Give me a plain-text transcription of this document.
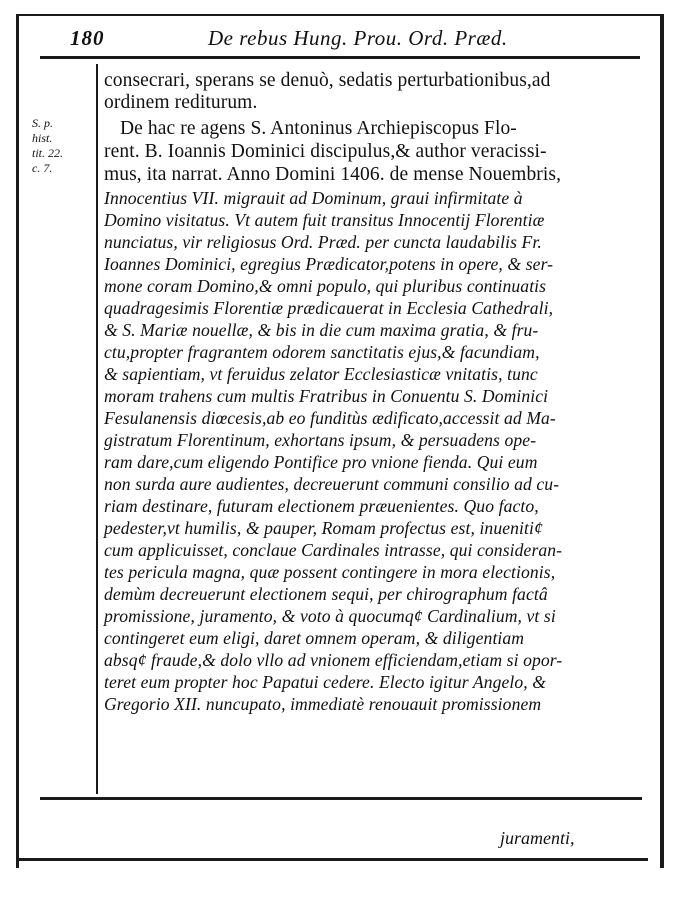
180	De rebus Hung. Prou. Ord. Præd.
S. p.
hist.
tit. 22.
c. 7.
consecrari, sperans se denuò, sedatis perturbationibus,ad
ordinem rediturum.
De hac re agens S. Antoninus Archiepiscopus Flo-
rent. B. Ioannis Dominici discipulus,& author veracissi-
mus, ita narrat. Anno Domini 1406. de mense Nouembris,
Innocentius VII. migrauit ad Dominum, graui infirmitate à
Domino visitatus. Vt autem fuit transitus Innocentij Florentiæ
nunciatus, vir religiosus Ord. Præd. per cuncta laudabilis Fr.
Ioannes Dominici, egregius Prædicator,potens in opere, & ser-
mone coram Domino,& omni populo, qui pluribus continuatis
quadragesimis Florentiæ prædicauerat in Ecclesia Cathedrali,
& S. Mariæ nouellæ, & bis in die cum maxima gratia, & fru-
ctu,propter fragrantem odorem sanctitatis ejus,& facundiam,
& sapientiam, vt feruidus zelator Ecclesiasticæ vnitatis, tunc
moram trahens cum multis Fratribus in Conuentu S. Dominici
Fesulanensis diœcesis,ab eo funditùs ædificato,accessit ad Ma-
gistratum Florentinum, exhortans ipsum, & persuadens ope-
ram dare,cum eligendo Pontifice pro vnione fienda. Qui eum
non surda aure audientes, decreuerunt communi consilio ad cu-
riam destinare, futuram electionem præuenientes. Quo facto,
pedester,vt humilis, & pauper, Romam profectus est, inueniti¢
cum applicuisset, conclaue Cardinales intrasse, qui consideran-
tes pericula magna, quæ possent contingere in mora electionis,
demùm decreuerunt electionem sequi, per chirographum factâ
promissione, juramento, & voto à quocumq¢ Cardinalium, vt si
contingeret eum eligi, daret omnem operam, & diligentiam
absq¢ fraude,& dolo vllo ad vnionem efficiendam,etiam si opor-
teret eum propter hoc Papatui cedere. Electo igitur Angelo, &
Gregorio XII. nuncupato, immediatè renouauit promissionem
juramenti,
